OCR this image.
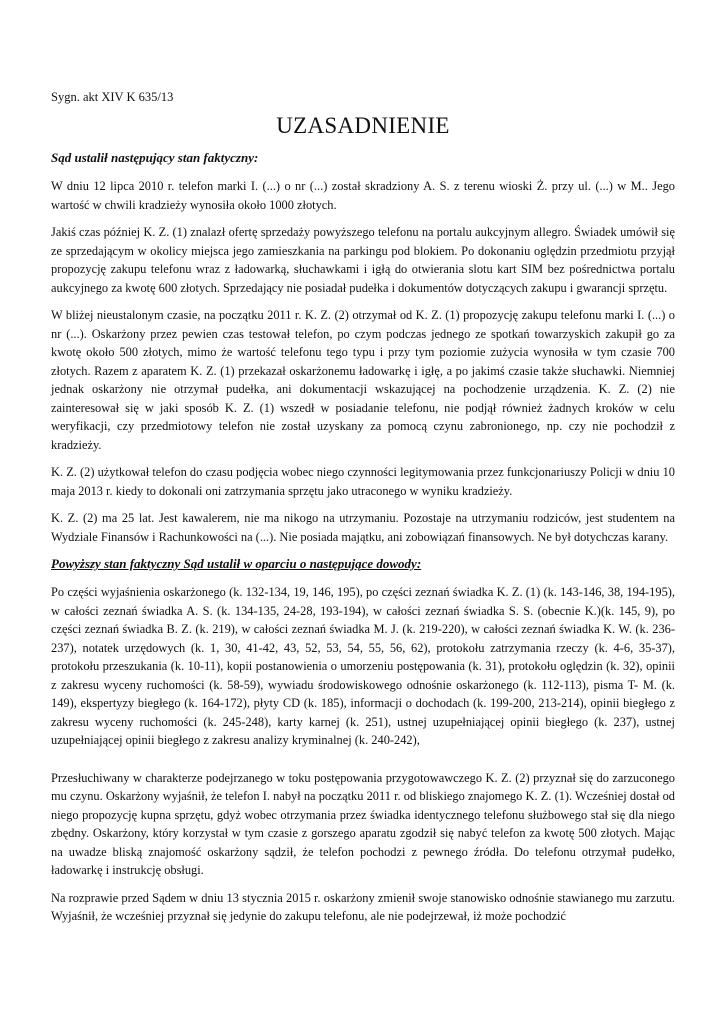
Sygn. akt XIV K 635/13
UZASADNIENIE
Sąd ustalił następujący stan faktyczny:

W dniu 12 lipca 2010 r. telefon marki I. (...) o nr (...) został skradziony A. S. z terenu wioski Ż. przy ul. (...) w M.. Jego wartość w chwili kradzieży wynosiła około 1000 złotych.

Jakiś czas później K. Z. (1) znalazł ofertę sprzedaży powyższego telefonu na portalu aukcyjnym allegro. Świadek umówił się ze sprzedającym w okolicy miejsca jego zamieszkania na parkingu pod blokiem. Po dokonaniu oględzin przedmiotu przyjął propozycję zakupu telefonu wraz z ładowarką, słuchawkami i igłą do otwierania slotu kart SIM bez pośrednictwa portalu aukcyjnego za kwotę 600 złotych. Sprzedający nie posiadał pudełka i dokumentów dotyczących zakupu i gwarancji sprzętu.

W bliżej nieustalonym czasie, na początku 2011 r. K. Z. (2) otrzymał od K. Z. (1) propozycję zakupu telefonu marki I. (...) o nr (...). Oskarżony przez pewien czas testował telefon, po czym podczas jednego ze spotkań towarzyskich zakupił go za kwotę około 500 złotych, mimo że wartość telefonu tego typu i przy tym poziomie zużycia wynosiła w tym czasie 700 złotych. Razem z aparatem K. Z. (1) przekazał oskarżonemu ładowarkę i igłę, a po jakimś czasie także słuchawki. Niemniej jednak oskarżony nie otrzymał pudełka, ani dokumentacji wskazującej na pochodzenie urządzenia. K. Z. (2) nie zainteresował się w jaki sposób K. Z. (1) wszedł w posiadanie telefonu, nie podjął również żadnych kroków w celu weryfikacji, czy przedmiotowy telefon nie został uzyskany za pomocą czynu zabronionego, np. czy nie pochodził z kradzieży.

K. Z. (2) użytkował telefon do czasu podjęcia wobec niego czynności legitymowania przez funkcjonariuszy Policji w dniu 10 maja 2013 r. kiedy to dokonali oni zatrzymania sprzętu jako utraconego w wyniku kradzieży.

K. Z. (2) ma 25 lat. Jest kawalerem, nie ma nikogo na utrzymaniu. Pozostaje na utrzymaniu rodziców, jest studentem na Wydziale Finansów i Rachunkowości na (...). Nie posiada majątku, ani zobowiązań finansowych. Ne był dotychczas karany.

Powyższy stan faktyczny Sąd ustalił w oparciu o następujące dowody:

Po części wyjaśnienia oskarżonego (k. 132-134, 19, 146, 195), po części zeznań świadka K. Z. (1) (k. 143-146, 38, 194-195), w całości zeznań świadka A. S. (k. 134-135, 24-28, 193-194), w całości zeznań świadka S. S. (obecnie K.)(k. 145, 9), po części zeznań świadka B. Z. (k. 219), w całości zeznań świadka M. J. (k. 219-220), w całości zeznań świadka K. W. (k. 236-237), notatek urzędowych (k. 1, 30, 41-42, 43, 52, 53, 54, 55, 56, 62), protokołu zatrzymania rzeczy (k. 4-6, 35-37), protokołu przeszukania (k. 10-11), kopii postanowienia o umorzeniu postępowania (k. 31), protokołu oględzin (k. 32), opinii z zakresu wyceny ruchomości (k. 58-59), wywiadu środowiskowego odnośnie oskarżonego (k. 112-113), pisma T- M. (k. 149), ekspertyzy biegłego (k. 164-172), płyty CD (k. 185), informacji o dochodach (k. 199-200, 213-214), opinii biegłego z zakresu wyceny ruchomości (k. 245-248), karty karnej (k. 251), ustnej uzupełniającej opinii biegłego (k. 237), ustnej uzupełniającej opinii biegłego z zakresu analizy kryminalnej (k. 240-242),

Przesłuchiwany w charakterze podejrzanego w toku postępowania przygotowawczego K. Z. (2) przyznał się do zarzuconego mu czynu. Oskarżony wyjaśnił, że telefon I. nabył na początku 2011 r. od bliskiego znajomego K. Z. (1). Wcześniej dostał od niego propozycję kupna sprzętu, gdyż wobec otrzymania przez świadka identycznego telefonu służbowego stał się dla niego zbędny. Oskarżony, który korzystał w tym czasie z gorszego aparatu zgodził się nabyć telefon za kwotę 500 złotych. Mając na uwadze bliską znajomość oskarżony sądził, że telefon pochodzi z pewnego źródła. Do telefonu otrzymał pudełko, ładowarkę i instrukcję obsługi.

Na rozprawie przed Sądem w dniu 13 stycznia 2015 r. oskarżony zmienił swoje stanowisko odnośnie stawianego mu zarzutu. Wyjaśnił, że wcześniej przyznał się jedynie do zakupu telefonu, ale nie podejrzewał, iż może pochodzić
